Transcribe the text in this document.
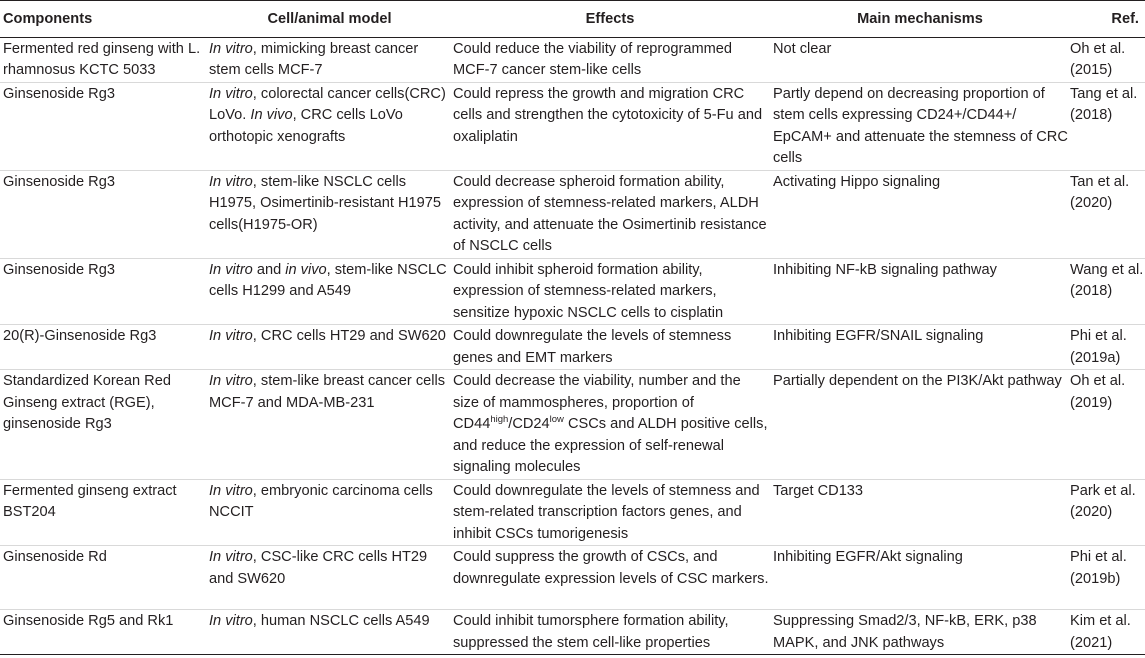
Components	Cell/animal model	Effects	Main mechanisms	Ref.
Fermented red ginseng with L. rhamnosus KCTC 5033	In vitro, mimicking breast cancer stem cells MCF-7	Could reduce the viability of reprogrammed MCF-7 cancer stem-like cells	Not clear	Oh et al. (2015)
Ginsenoside Rg3	In vitro, colorectal cancer cells(CRC) LoVo. In vivo, CRC cells LoVo orthotopic xenografts	Could repress the growth and migration CRC cells and strengthen the cytotoxicity of 5-Fu and oxaliplatin	Partly depend on decreasing proportion of stem cells expressing CD24+/CD44+/ EpCAM+ and attenuate the stemness of CRC cells	Tang et al. (2018)
Ginsenoside Rg3	In vitro, stem-like NSCLC cells H1975, Osimertinib-resistant H1975 cells(H1975-OR)	Could decrease spheroid formation ability, expression of stemness-related markers, ALDH activity, and attenuate the Osimertinib resistance of NSCLC cells	Activating Hippo signaling	Tan et al. (2020)
Ginsenoside Rg3	In vitro and in vivo, stem-like NSCLC cells H1299 and A549	Could inhibit spheroid formation ability, expression of stemness-related markers, sensitize hypoxic NSCLC cells to cisplatin	Inhibiting NF-kB signaling pathway	Wang et al. (2018)
20(R)-Ginsenoside Rg3	In vitro, CRC cells HT29 and SW620	Could downregulate the levels of stemness genes and EMT markers	Inhibiting EGFR/SNAIL signaling	Phi et al. (2019a)
Standardized Korean Red Ginseng extract (RGE), ginsenoside Rg3	In vitro, stem-like breast cancer cells MCF-7 and MDA-MB-231	Could decrease the viability, number and the size of mammospheres, proportion of $CD44^{high}/CD24^{low}$ CSCs and ALDH positive cells, and reduce the expression of self-renewal signaling molecules	Partially dependent on the PI3K/Akt pathway	Oh et al. (2019)
Fermented ginseng extract BST204	In vitro, embryonic carcinoma cells NCCIT	Could downregulate the levels of stemness and stem-related transcription factors genes, and inhibit CSCs tumorigenesis	Target CD133	Park et al. (2020)
Ginsenoside Rd	In vitro, CSC-like CRC cells HT29 and SW620	Could suppress the growth of CSCs, and downregulate expression levels of CSC markers.	Inhibiting EGFR/Akt signaling	Phi et al. (2019b)
Ginsenoside Rg5 and Rk1	In vitro, human NSCLC cells A549	Could inhibit tumorsphere formation ability, suppressed the stem cell-like properties	Suppressing Smad2/3, NF-kB, ERK, p38 MAPK, and JNK pathways	Kim et al. (2021)
